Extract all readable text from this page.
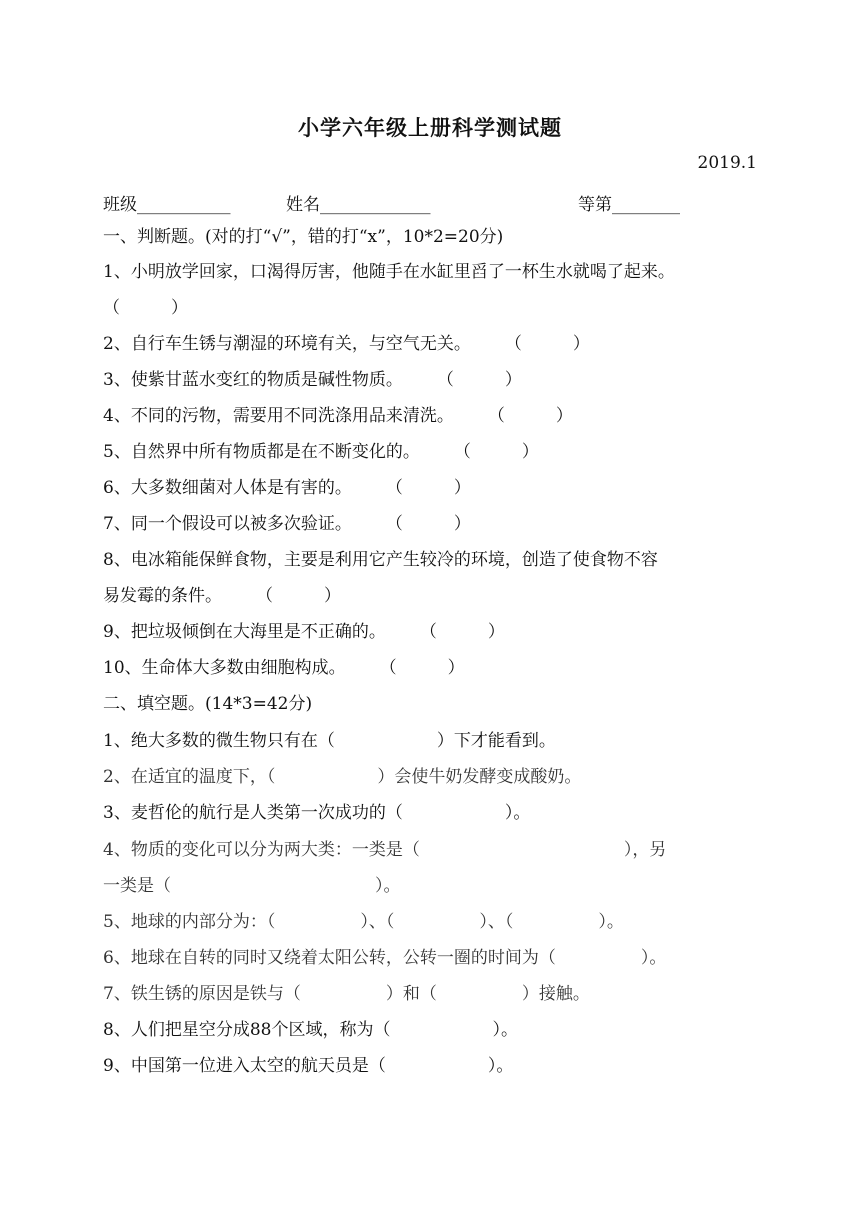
小学六年级上册科学测试题
2019.1
班级___________	姓名_____________	等第________
一、判断题。(对的打“√”，错的打“x”，10*2=20分)
1、小明放学回家，口渴得厉害，他随手在水缸里舀了一杯生水就喝了起来。
（　　　）
2、自行车生锈与潮湿的环境有关，与空气无关。　　　（　　　）
3、使紫甘蓝水变红的物质是碱性物质。　　　（　　　）
4、不同的污物，需要用不同洗涤用品来清洗。　　　（　　　）
5、自然界中所有物质都是在不断变化的。　　　（　　　）
6、大多数细菌对人体是有害的。　　　（　　　）
7、同一个假设可以被多次验证。　　　（　　　）
8、电冰箱能保鲜食物，主要是利用它产生较冷的环境，创造了使食物不容
易发霉的条件。　　　（　　　）
9、把垃圾倾倒在大海里是不正确的。　　　（　　　）
10、生命体大多数由细胞构成。　　　（　　　）
二、填空题。(14*3=42分)
1、绝大多数的微生物只有在（　　　　　　）下才能看到。
2、在适宜的温度下，（　　　　　　）会使牛奶发酵变成酸奶。
3、麦哲伦的航行是人类第一次成功的（　　　　　　）。
4、物质的变化可以分为两大类：一类是（　　　　　　　　　　　　），另
一类是（　　　　　　　　　　　　）。
5、地球的内部分为：（　　　　　）、（　　　　　）、（　　　　　）。
6、地球在自转的同时又绕着太阳公转，公转一圈的时间为（　　　　　）。
7、铁生锈的原因是铁与（　　　　　）和（　　　　　）接触。
8、人们把星空分成88个区域，称为（　　　　　　）。
9、中国第一位进入太空的航天员是（　　　　　　）。
